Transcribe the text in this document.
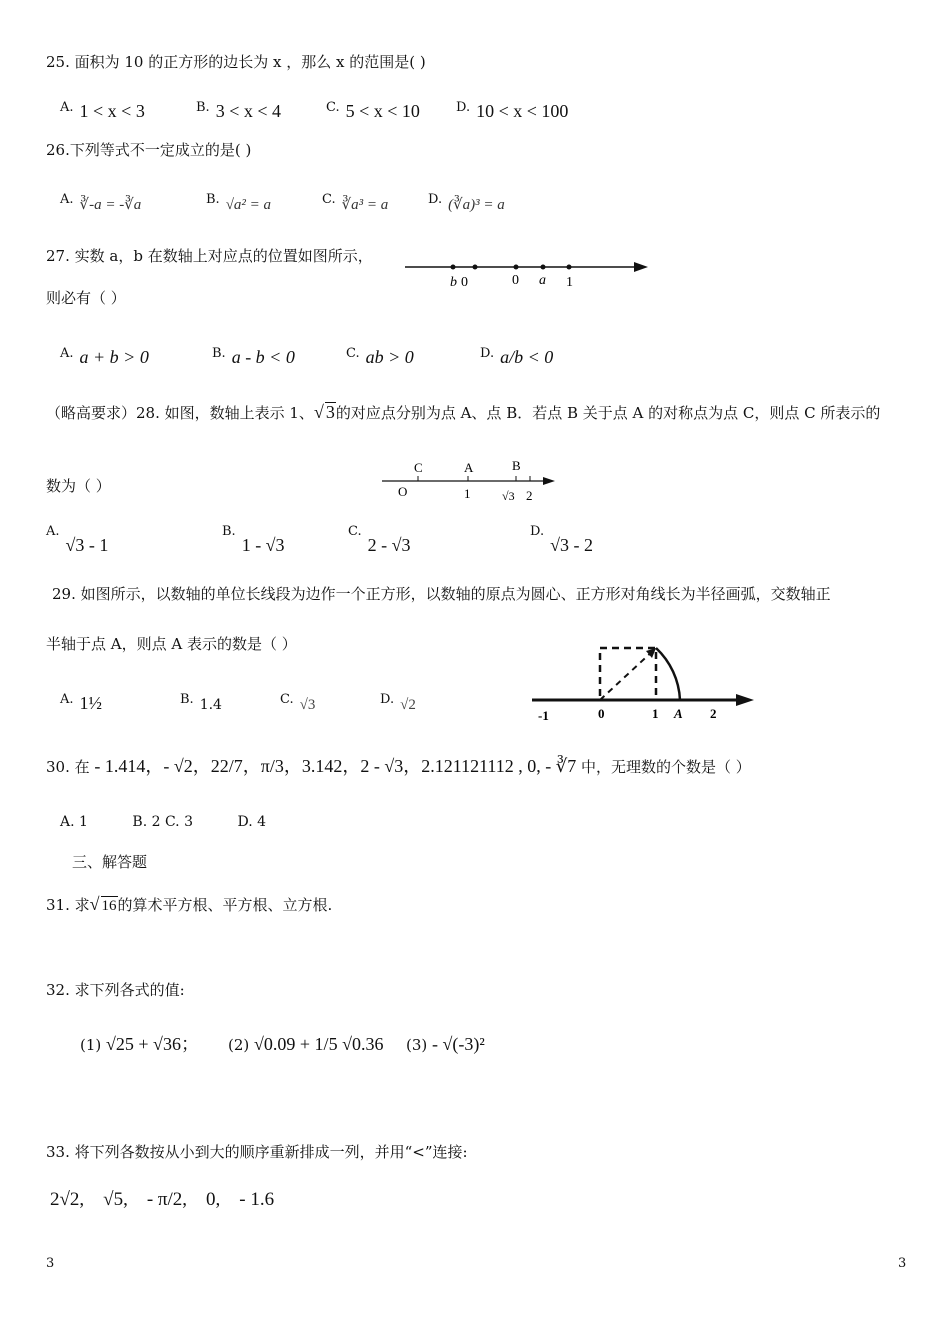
25. 面积为 10 的正方形的边长为 x ，那么 x 的范围是( )
A. 1 < x < 3	B. 3 < x < 4	C. 5 < x < 10	D. 10 < x < 100
26.下列等式不一定成立的是( )
A. ∛-a = -∛a	B. √a² = a	C. ∛a³ = a	D. (∛a)³ = a
27. 实数 a，b 在数轴上对应点的位置如图所示，
b 0	0 a 1
则必有（ ）
A. a + b > 0	B. a - b < 0	C. ab > 0	D. a/b < 0
（略高要求）28. 如图，数轴上表示 1、√ 3的对应点分别为点 A、点 B．若点 B 关于点 A 的对称点为点 C，则点 C 所表示的
C	A	B
O	1	√3 2
数为（ ）
A.√3 - 1
B.1 - √3
C.2 - √3
D.√3 - 2
29. 如图所示，以数轴的单位长线段为边作一个正方形，以数轴的原点为圆心、正方形对角线长为半径画弧，交数轴正
半轴于点 A，则点 A 表示的数是（ ）
-1	0	1 A 2
A. 1½	B. 1.4	C. √3	D. √2
30. 在 - 1.414，- √2，22/7，π/3，3.142，2 - √3，2.121121112 , 0, - ∛7 中，无理数的个数是（ ）
A. 1          B. 2 C. 3          D. 4
三、解答题
31. 求√ 16的算术平方根、平方根、立方根.
32. 求下列各式的值:
(1) √25 + √36； (2) √0.09 + 1/5 √0.36 (3) - √(-3)²
33. 将下列各数按从小到大的顺序重新排成一列，并用“<”连接:
2√2,    √5,    - π/2,    0,    - 1.6
3	3
